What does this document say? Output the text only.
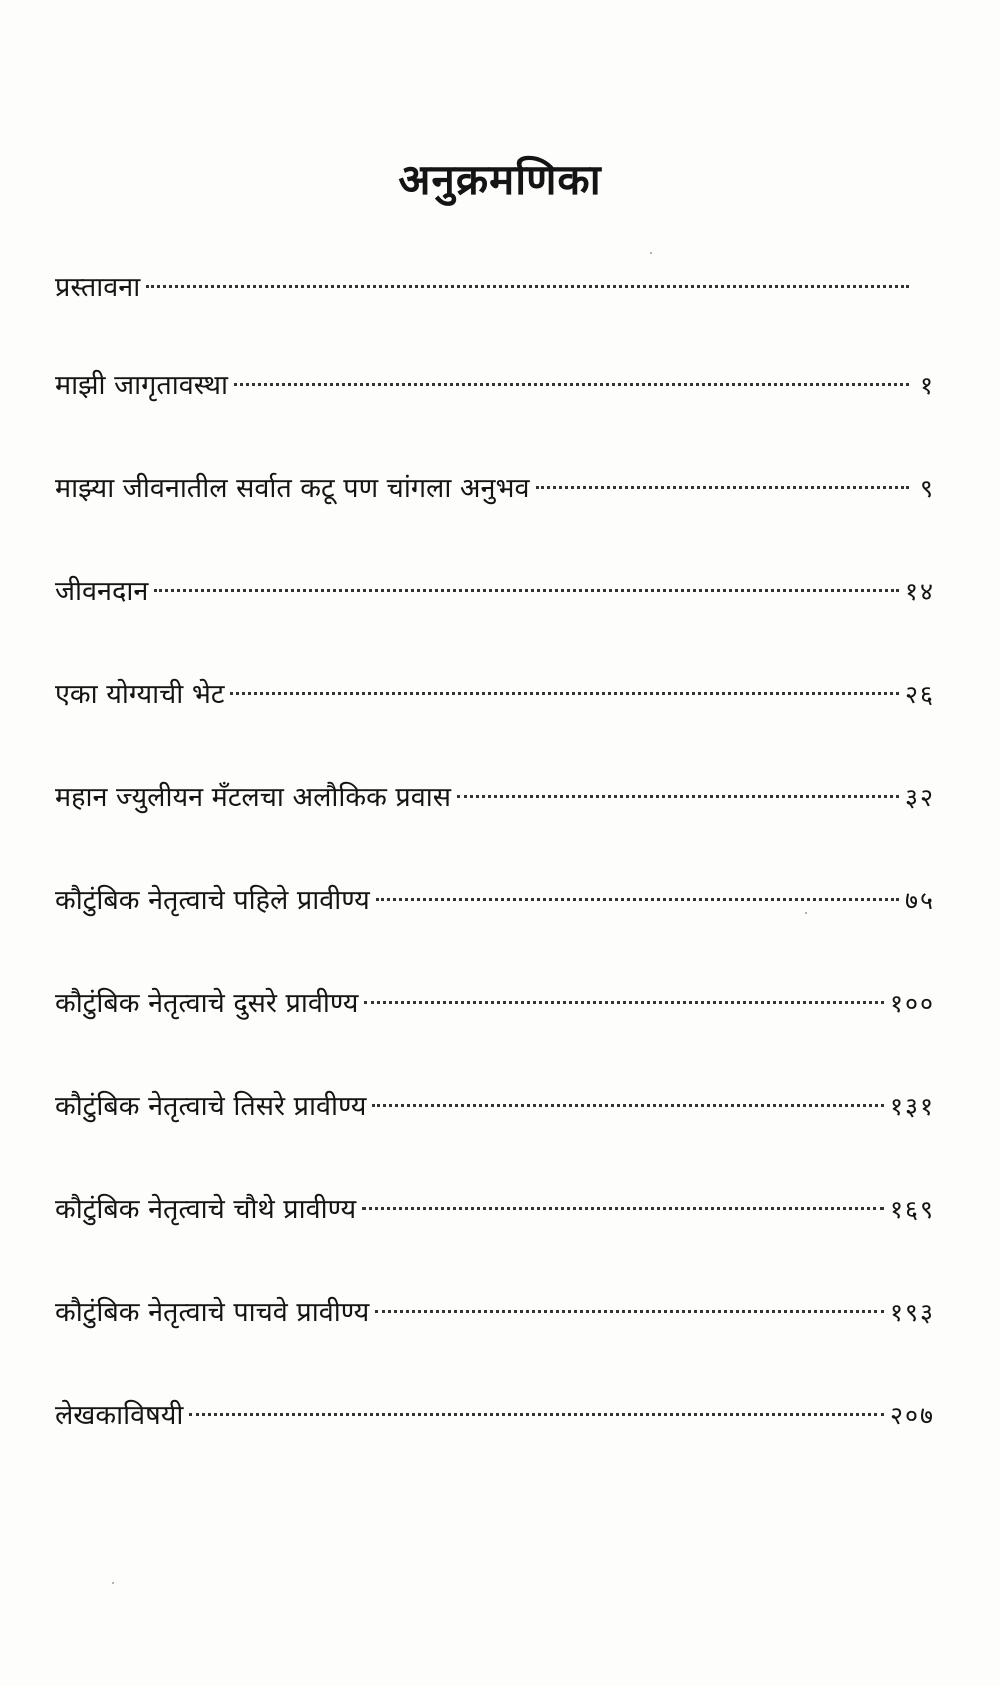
अनुक्रमणिका
प्रस्तावना
माझी जागृतावस्था	१
माझ्या जीवनातील सर्वात कटू पण चांगला अनुभव	९
जीवनदान	१४
एका योग्याची भेट	२६
महान ज्युलीयन मँटलचा अलौकिक प्रवास	३२
कौटुंबिक नेतृत्वाचे पहिले प्रावीण्य	७५
कौटुंबिक नेतृत्वाचे दुसरे प्रावीण्य	१००
कौटुंबिक नेतृत्वाचे तिसरे प्रावीण्य	१३१
कौटुंबिक नेतृत्वाचे चौथे प्रावीण्य	१६९
कौटुंबिक नेतृत्वाचे पाचवे प्रावीण्य	१९३
लेखकाविषयी	२०७
